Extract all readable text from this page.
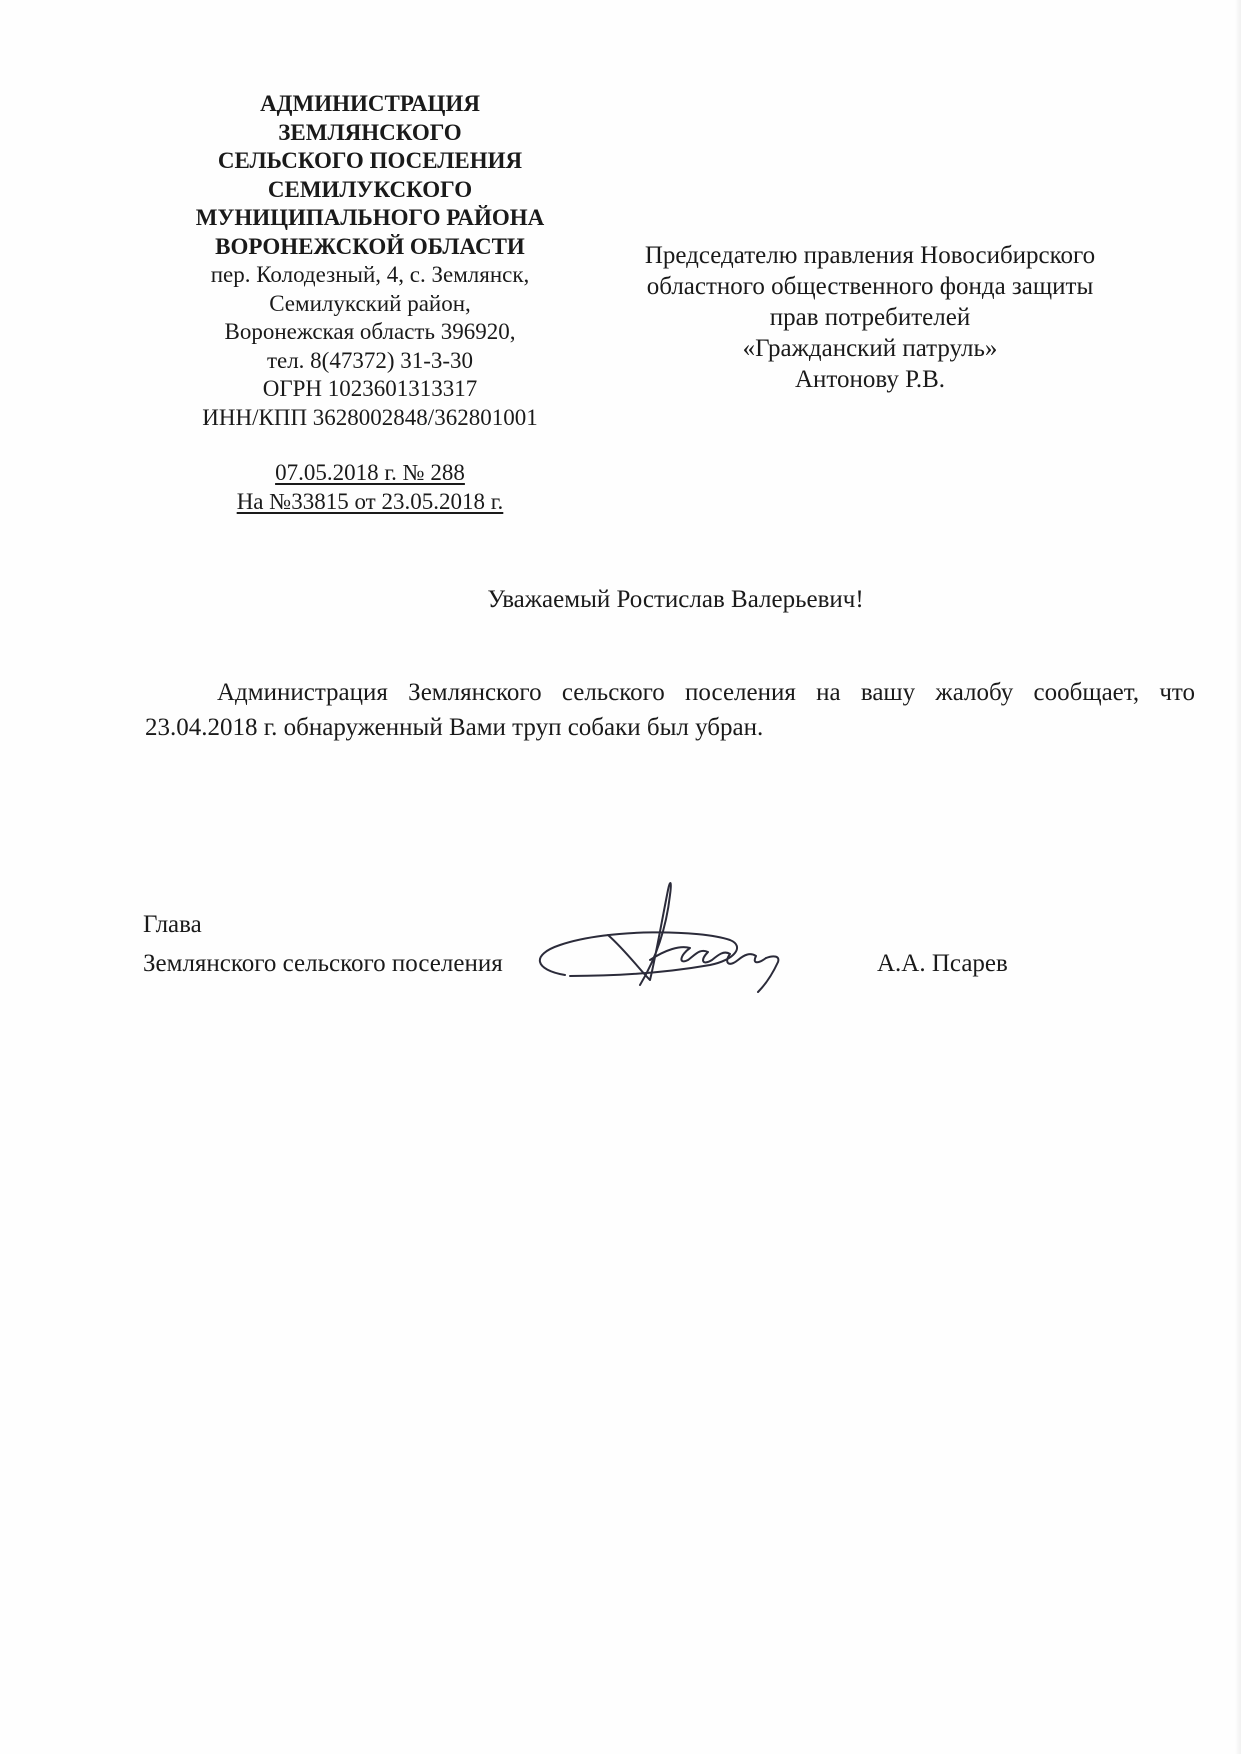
АДМИНИСТРАЦИЯ
ЗЕМЛЯНСКОГО
СЕЛЬСКОГО ПОСЕЛЕНИЯ
СЕМИЛУКСКОГО
МУНИЦИПАЛЬНОГО РАЙОНА
ВОРОНЕЖСКОЙ ОБЛАСТИ
пер. Колодезный, 4, с. Землянск,
Семилукский район,
Воронежская область 396920,
тел. 8(47372) 31-3-30
ОГРН 1023601313317
ИНН/КПП 3628002848/362801001
07.05.2018 г. № 288
На №33815 от 23.05.2018 г.
Председателю правления Новосибирского
областного общественного фонда защиты
прав потребителей
«Гражданский патруль»
Антонову Р.В.
Уважаемый Ростислав Валерьевич!
Администрация Землянского сельского поселения на вашу жалобу сообщает, что 23.04.2018 г. обнаруженный Вами труп собаки был убран.
Глава
Землянского сельского поселения	А.А. Псарев
